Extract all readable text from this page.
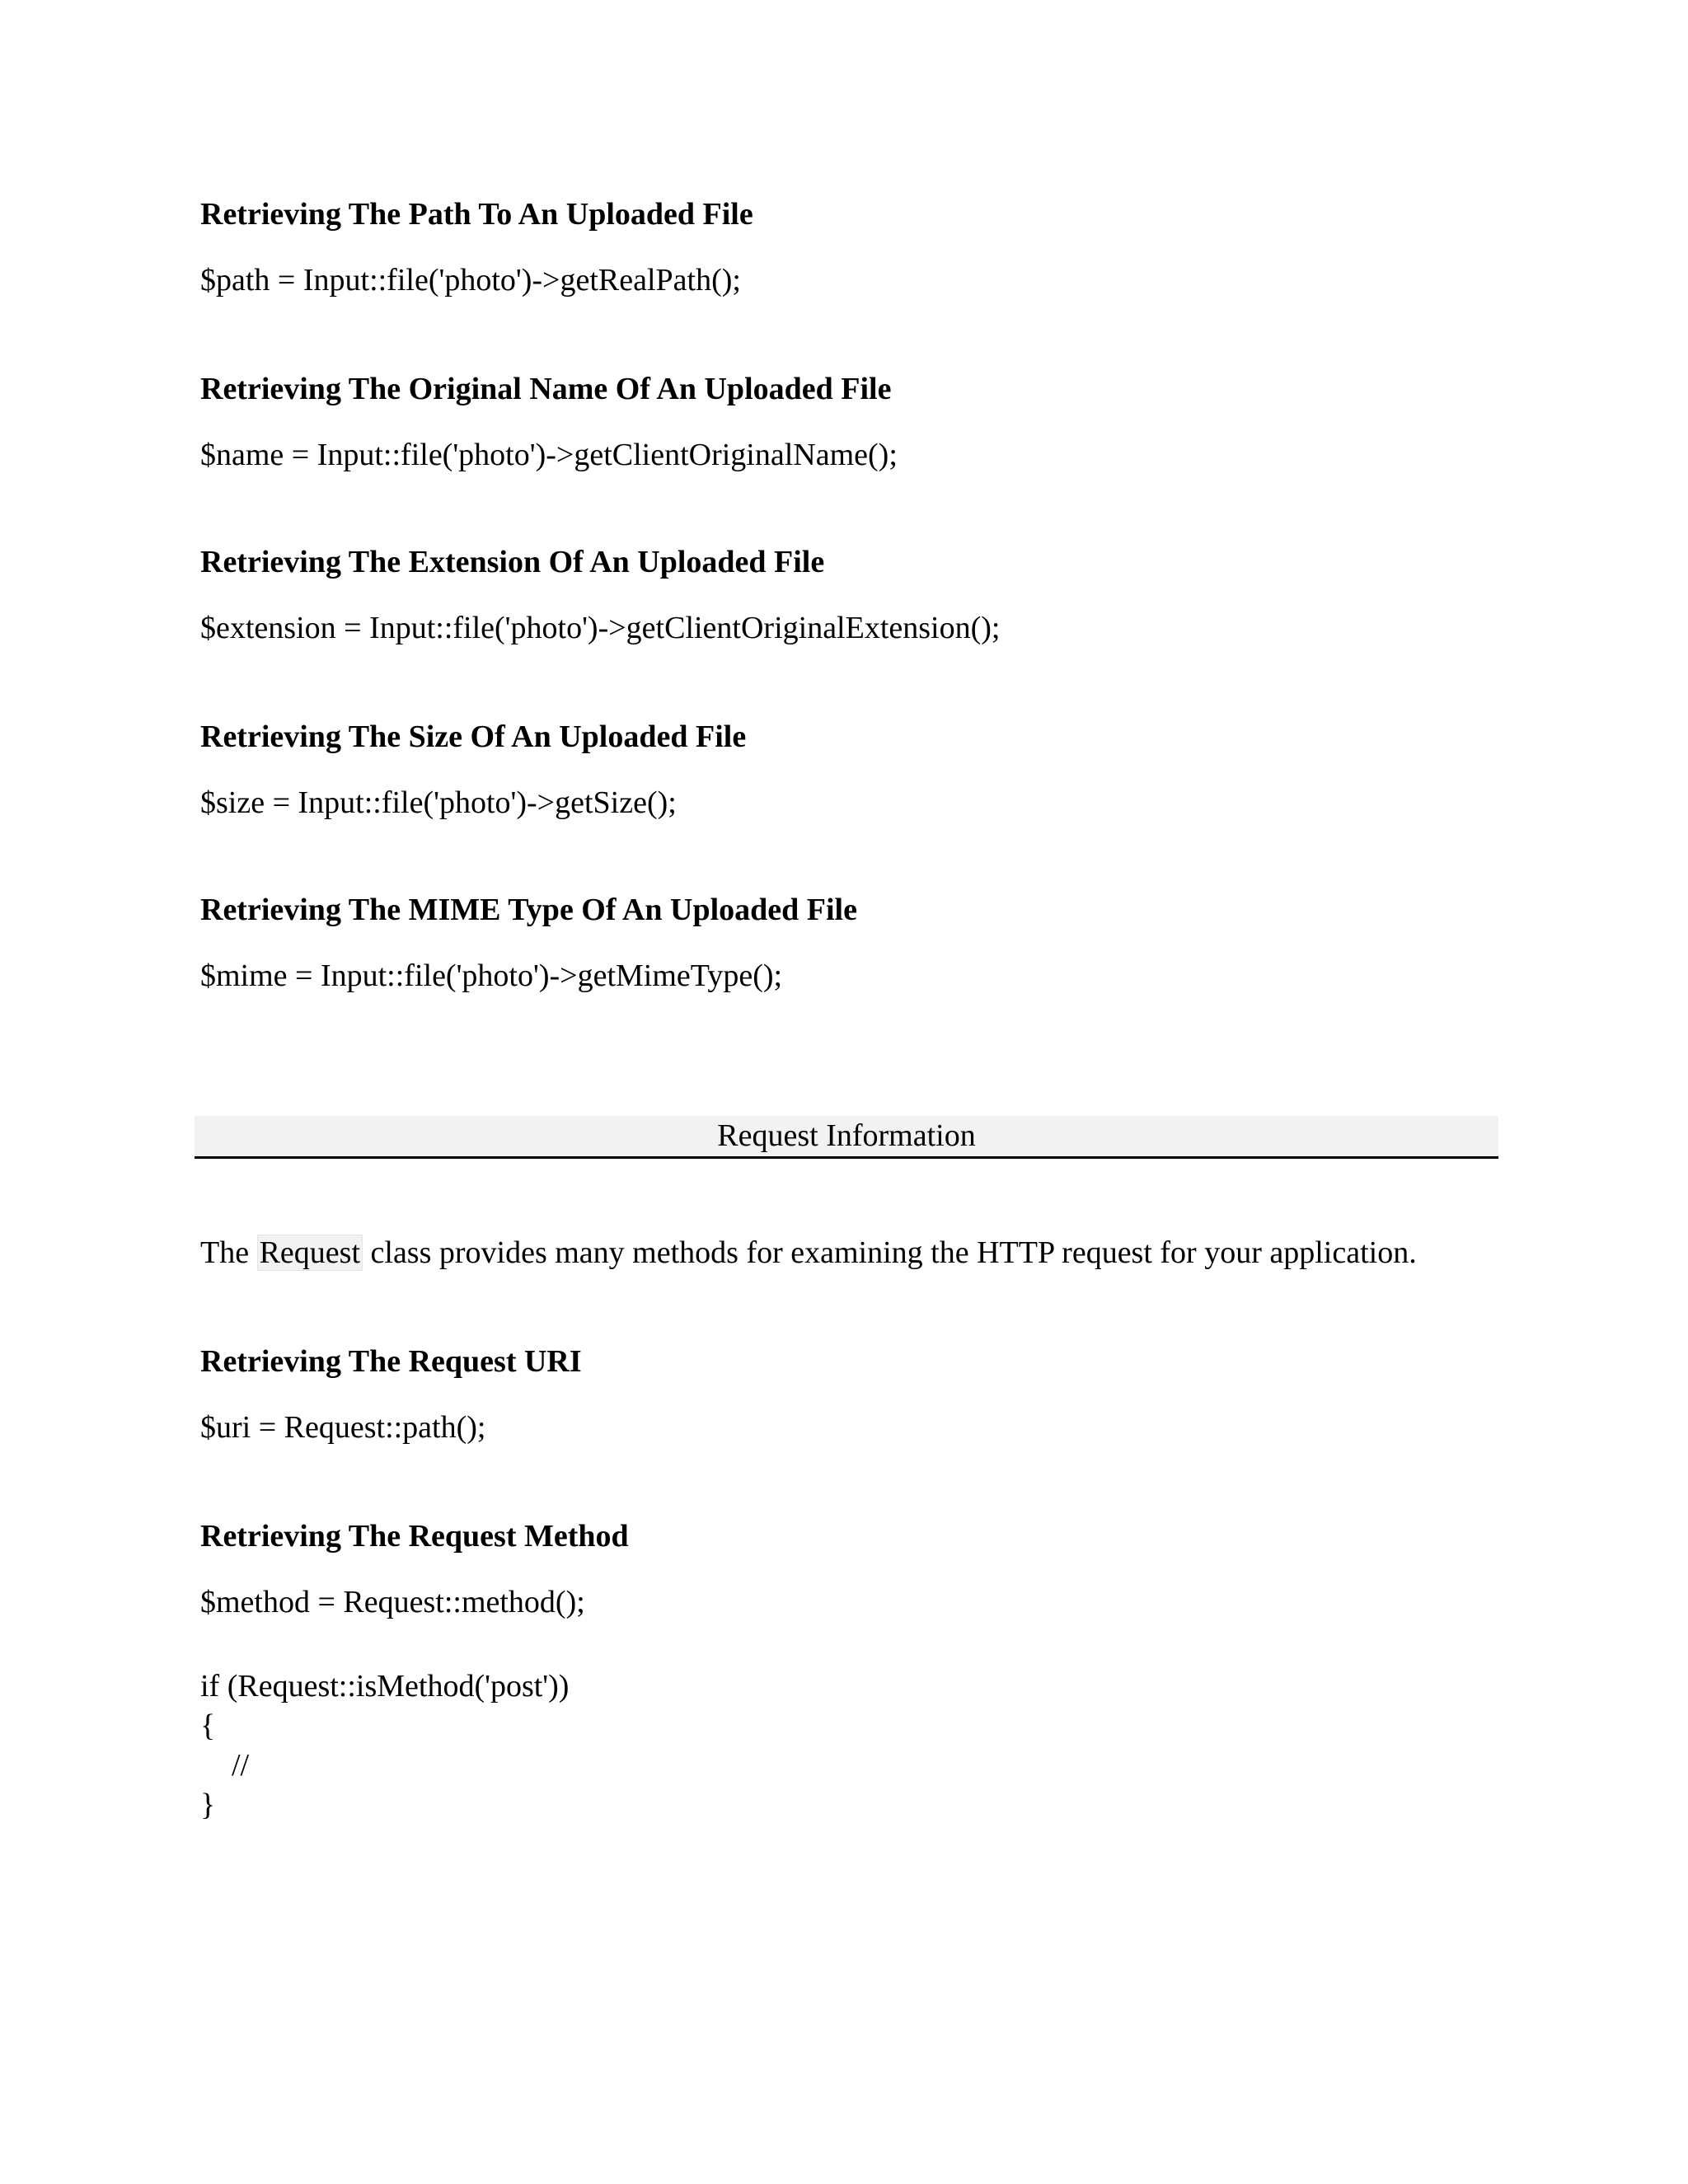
Retrieving The Path To An Uploaded File
$path = Input::file('photo')->getRealPath();
Retrieving The Original Name Of An Uploaded File
$name = Input::file('photo')->getClientOriginalName();
Retrieving The Extension Of An Uploaded File
$extension = Input::file('photo')->getClientOriginalExtension();
Retrieving The Size Of An Uploaded File
$size = Input::file('photo')->getSize();
Retrieving The MIME Type Of An Uploaded File
$mime = Input::file('photo')->getMimeType();
Request Information
The Request class provides many methods for examining the HTTP request for your application.
Retrieving The Request URI
$uri = Request::path();
Retrieving The Request Method
$method = Request::method();
if (Request::isMethod('post'))
{
//
}
